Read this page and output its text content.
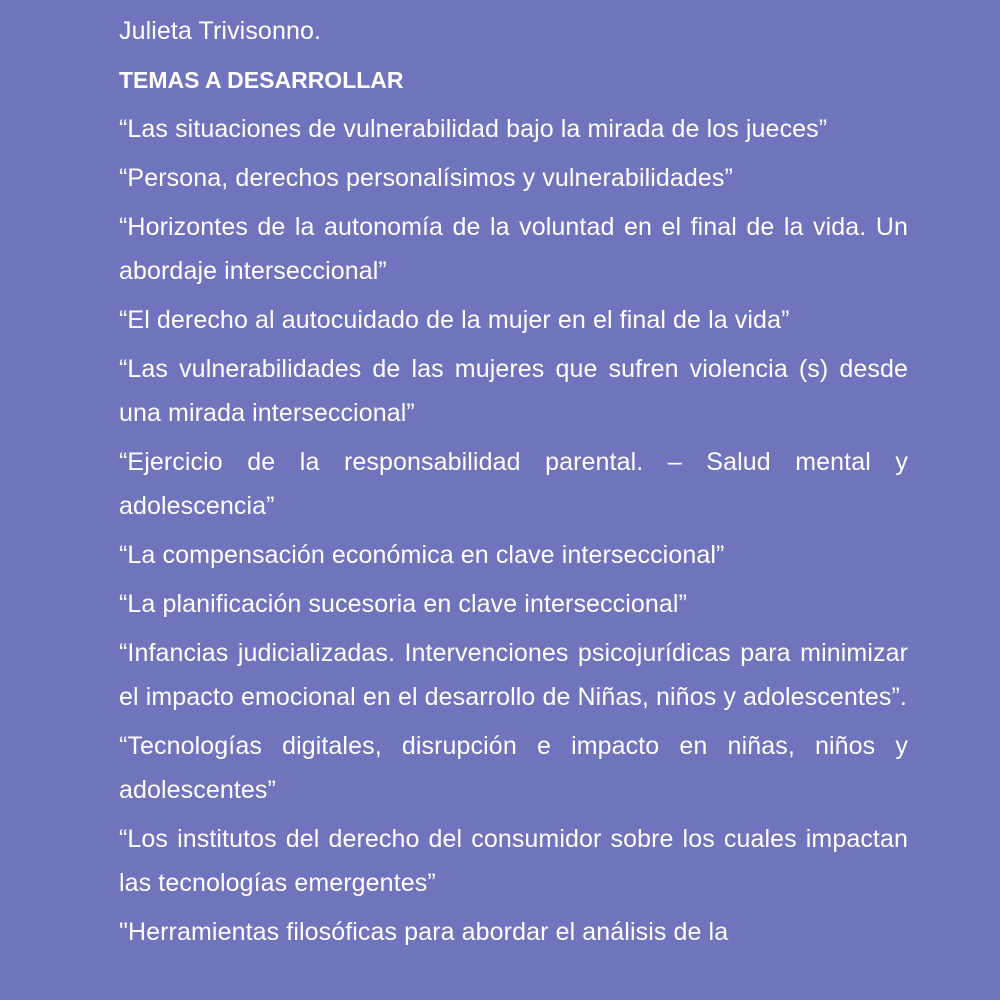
Julieta Trivisonno.

TEMAS A DESARROLLAR

“Las situaciones de vulnerabilidad bajo la mirada de los jueces”

“Persona, derechos personalísimos y vulnerabilidades”

“Horizontes de la autonomía de la voluntad en el final de la vida. Un abordaje interseccional”

“El derecho al autocuidado de la mujer en el final de la vida”

“Las vulnerabilidades de las mujeres que sufren violencia (s) desde una mirada interseccional”

“Ejercicio de la responsabilidad parental. – Salud mental y adolescencia”

“La compensación económica en clave interseccional”

“La planificación sucesoria en clave interseccional”

“Infancias judicializadas. Intervenciones psicojurídicas para minimizar el impacto emocional en el desarrollo de Niñas, niños y adolescentes”.

“Tecnologías digitales, disrupción e impacto en niñas, niños y adolescentes”

“Los institutos del derecho del consumidor sobre los cuales impactan las tecnologías emergentes”

"Herramientas filosóficas para abordar el análisis de la
